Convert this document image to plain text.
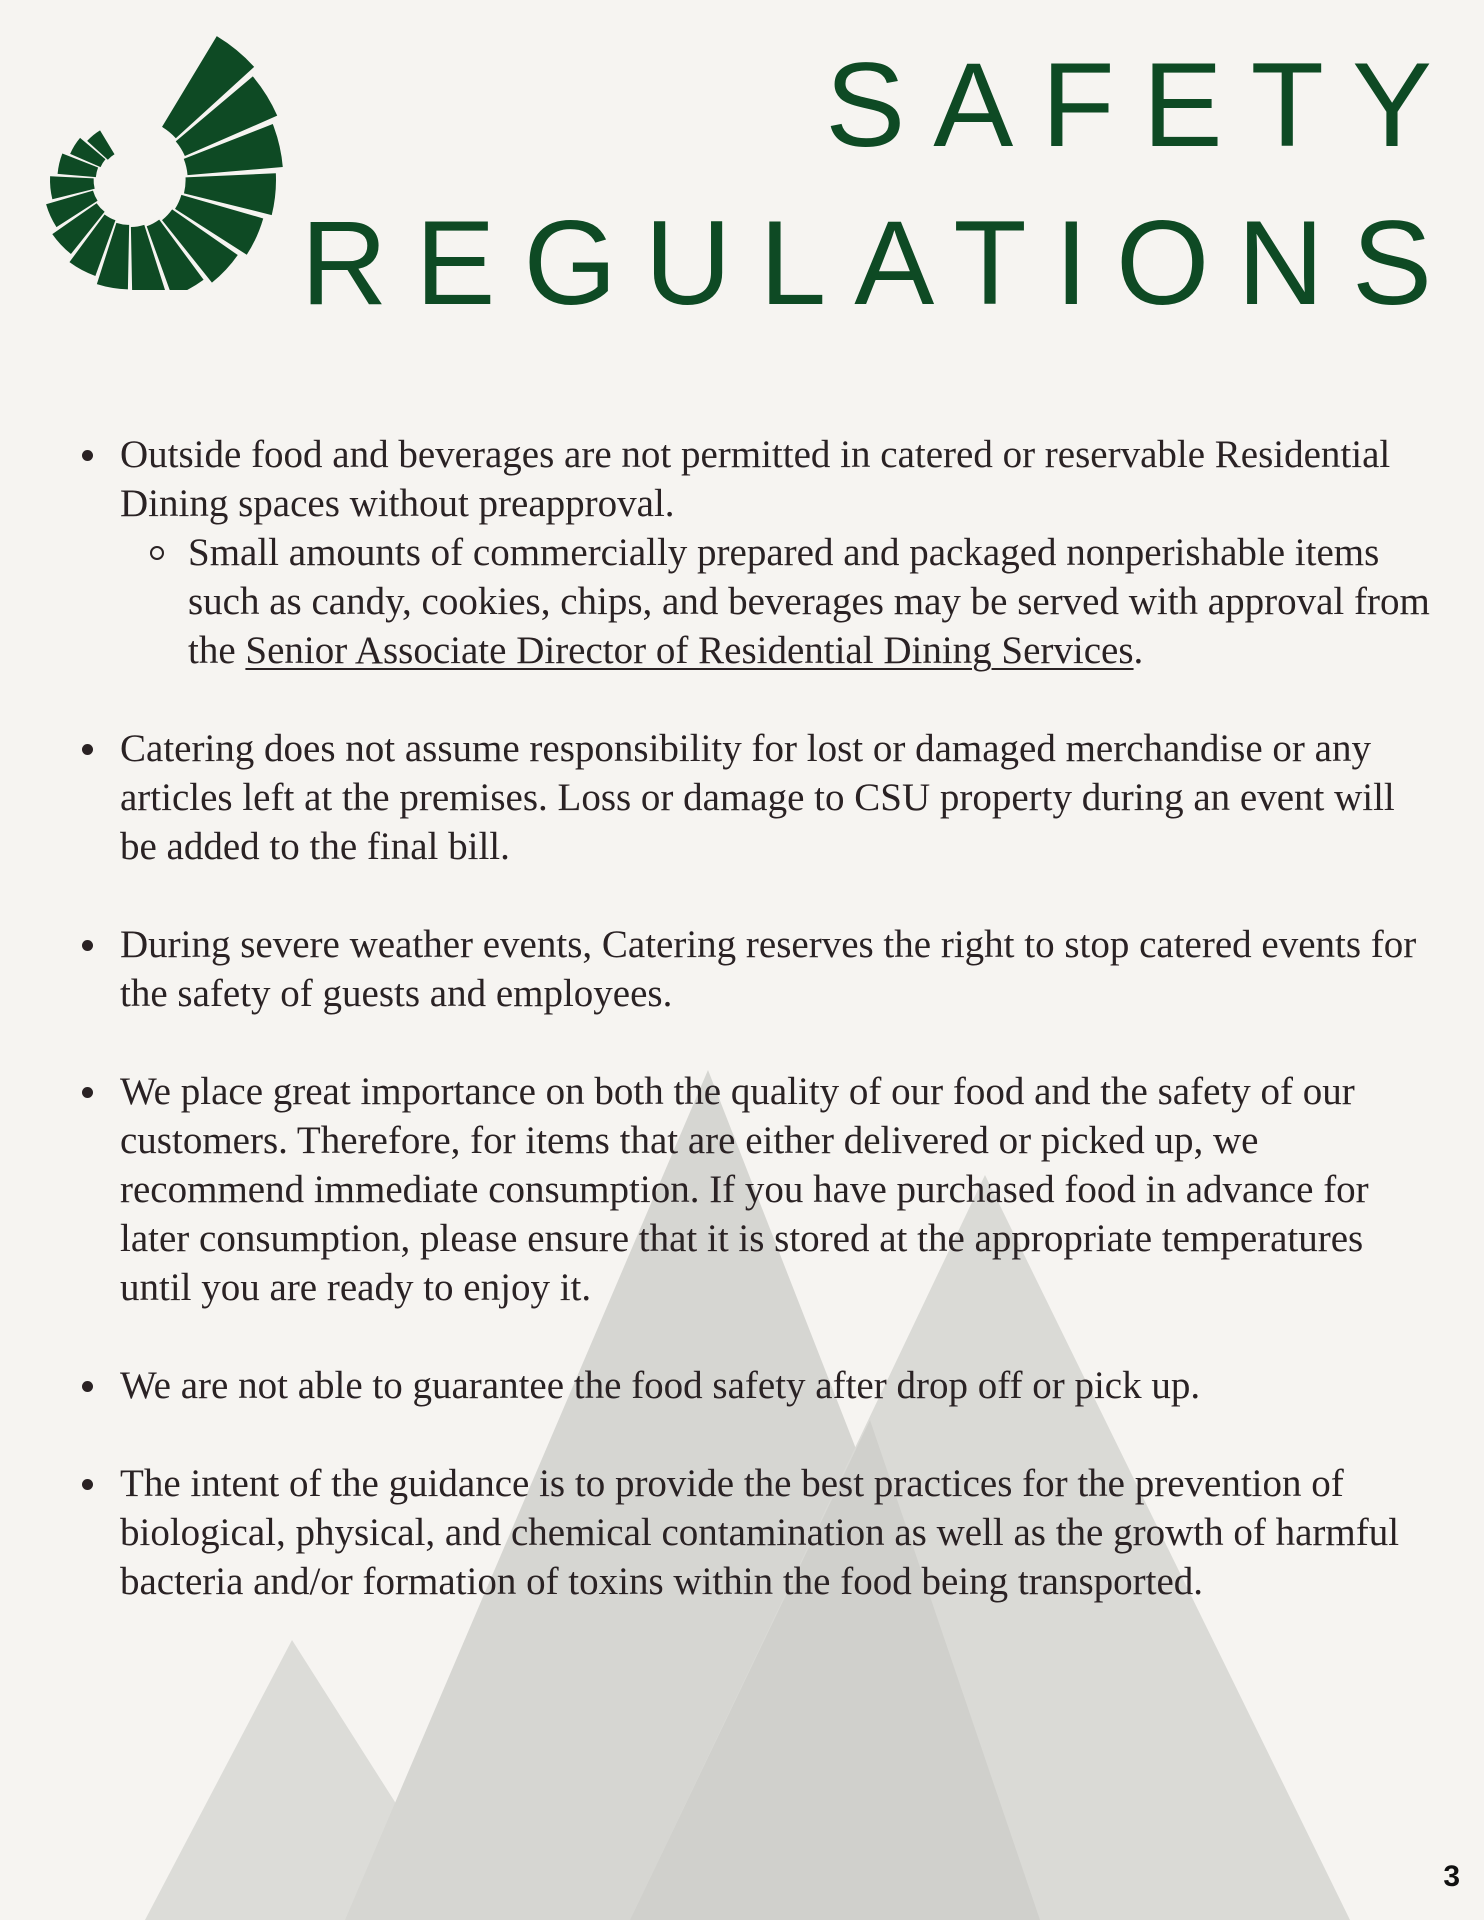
™
SAFETY
REGULATIONS
Outside food and beverages are not permitted in catered or reservable Residential Dining spaces without preapproval.
Small amounts of commercially prepared and packaged nonperishable items such as candy, cookies, chips, and beverages may be served with approval from the Senior Associate Director of Residential Dining Services.
Catering does not assume responsibility for lost or damaged merchandise or any articles left at the premises. Loss or damage to CSU property during an event will be added to the final bill.
During severe weather events, Catering reserves the right to stop catered events for the safety of guests and employees.
We place great importance on both the quality of our food and the safety of our customers. Therefore, for items that are either delivered or picked up, we recommend immediate consumption. If you have purchased food in advance for later consumption, please ensure that it is stored at the appropriate temperatures until you are ready to enjoy it.
We are not able to guarantee the food safety after drop off or pick up.
The intent of the guidance is to provide the best practices for the prevention of biological, physical, and chemical contamination as well as the growth of harmful bacteria and/or formation of toxins within the food being transported.
3
